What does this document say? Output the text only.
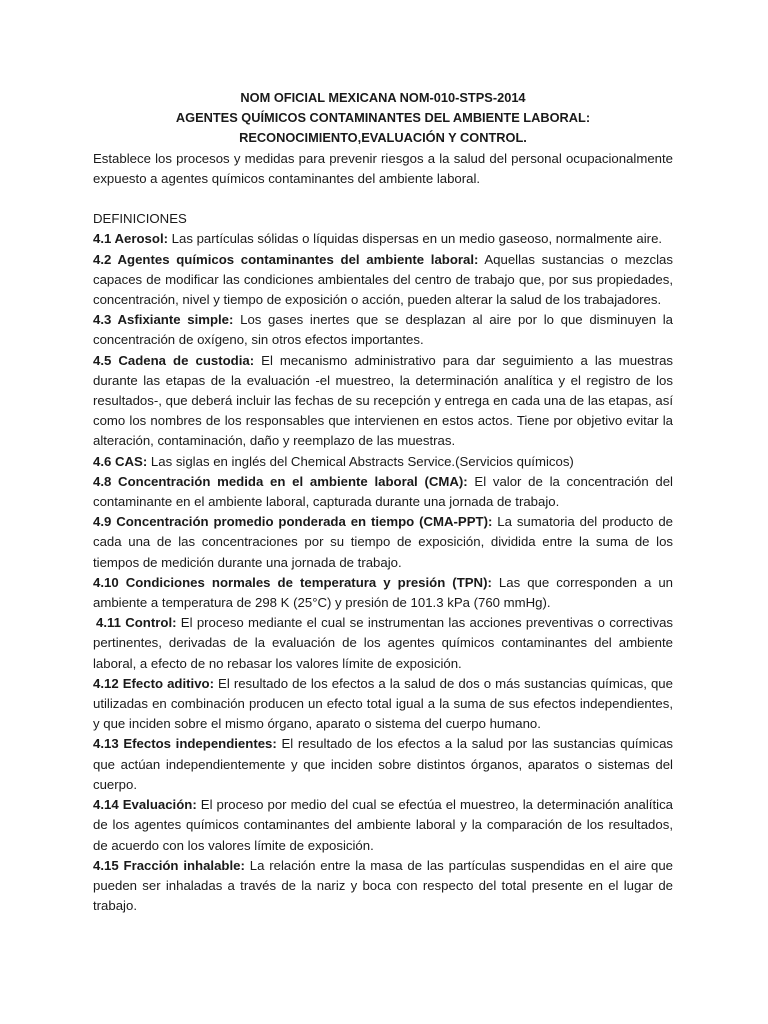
NOM OFICIAL MEXICANA NOM-010-STPS-2014
AGENTES QUÍMICOS CONTAMINANTES DEL AMBIENTE LABORAL:
RECONOCIMIENTO,EVALUACIÓN Y CONTROL.

Establece los procesos y medidas para prevenir riesgos a la salud del personal ocupacionalmente expuesto a agentes químicos contaminantes del ambiente laboral.

DEFINICIONES

4.1 Aerosol: Las partículas sólidas o líquidas dispersas en un medio gaseoso, normalmente aire.

4.2 Agentes químicos contaminantes del ambiente laboral: Aquellas sustancias o mezclas capaces de modificar las condiciones ambientales del centro de trabajo que, por sus propiedades, concentración, nivel y tiempo de exposición o acción, pueden alterar la salud de los trabajadores.

4.3 Asfixiante simple: Los gases inertes que se desplazan al aire por lo que disminuyen la concentración de oxígeno, sin otros efectos importantes.

4.5 Cadena de custodia: El mecanismo administrativo para dar seguimiento a las muestras durante las etapas de la evaluación -el muestreo, la determinación analítica y el registro de los resultados-, que deberá incluir las fechas de su recepción y entrega en cada una de las etapas, así como los nombres de los responsables que intervienen en estos actos. Tiene por objetivo evitar la alteración, contaminación, daño y reemplazo de las muestras.

4.6 CAS: Las siglas en inglés del Chemical Abstracts Service.(Servicios químicos)

4.8 Concentración medida en el ambiente laboral (CMA): El valor de la concentración del contaminante en el ambiente laboral, capturada durante una jornada de trabajo.

4.9 Concentración promedio ponderada en tiempo (CMA-PPT): La sumatoria del producto de cada una de las concentraciones por su tiempo de exposición, dividida entre la suma de los tiempos de medición durante una jornada de trabajo.

4.10 Condiciones normales de temperatura y presión (TPN): Las que corresponden a un ambiente a temperatura de 298 K (25°C) y presión de 101.3 kPa (760 mmHg).

4.11 Control: El proceso mediante el cual se instrumentan las acciones preventivas o correctivas pertinentes, derivadas de la evaluación de los agentes químicos contaminantes del ambiente laboral, a efecto de no rebasar los valores límite de exposición.

4.12 Efecto aditivo: El resultado de los efectos a la salud de dos o más sustancias químicas, que utilizadas en combinación producen un efecto total igual a la suma de sus efectos independientes, y que inciden sobre el mismo órgano, aparato o sistema del cuerpo humano.

4.13 Efectos independientes: El resultado de los efectos a la salud por las sustancias químicas que actúan independientemente y que inciden sobre distintos órganos, aparatos o sistemas del cuerpo.

4.14 Evaluación: El proceso por medio del cual se efectúa el muestreo, la determinación analítica de los agentes químicos contaminantes del ambiente laboral y la comparación de los resultados, de acuerdo con los valores límite de exposición.

4.15 Fracción inhalable: La relación entre la masa de las partículas suspendidas en el aire que pueden ser inhaladas a través de la nariz y boca con respecto del total presente en el lugar de trabajo.
